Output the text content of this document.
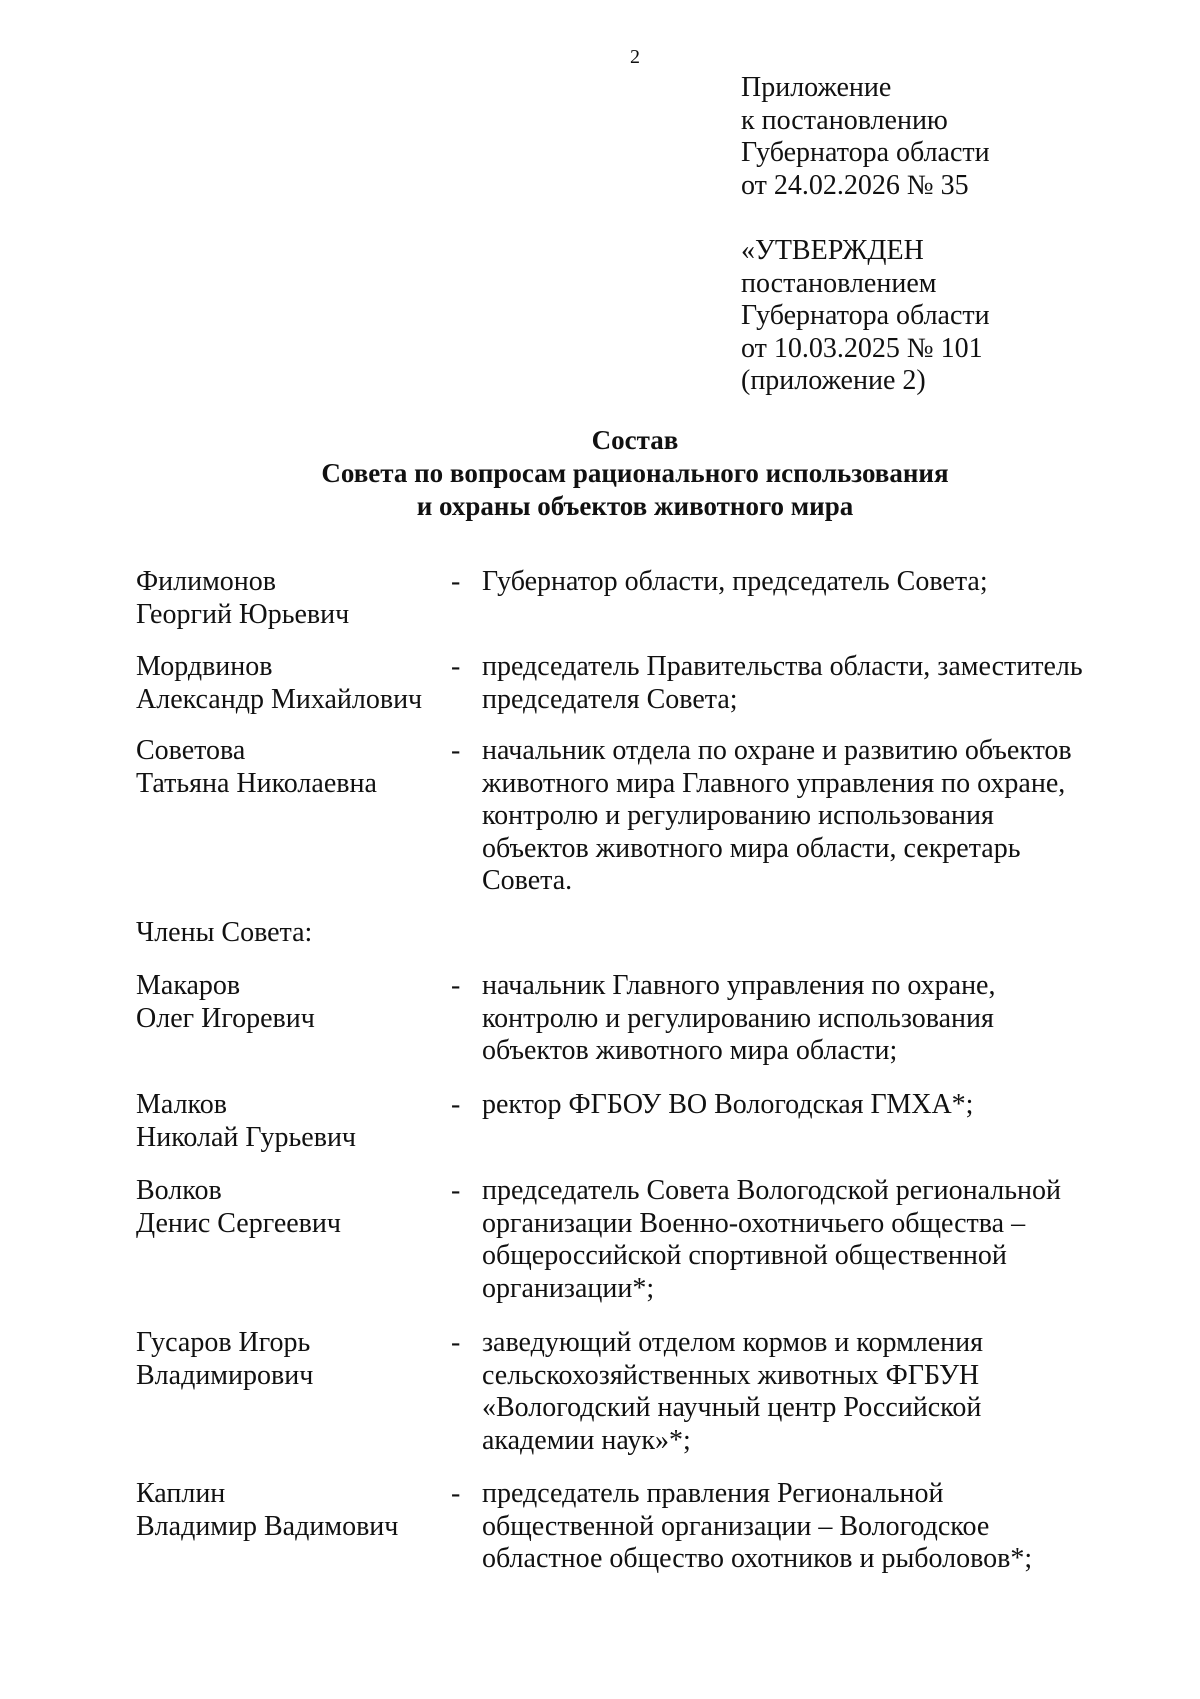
2
Приложение
к постановлению
Губернатора области
от 24.02.2026 № 35
«УТВЕРЖДЕН
постановлением
Губернатора области
от 10.03.2025 № 101
(приложение 2)
Состав
Совета по вопросам рационального использования
и охраны объектов животного мира
Филимонов
Георгий Юрьевич
- Губернатор области, председатель Совета;
Мордвинов
Александр Михайлович
- председатель Правительства области, заместитель
председателя Совета;
Советова
Татьяна Николаевна
- начальник отдела по охране и развитию объектов
животного мира Главного управления по охране,
контролю и регулированию использования
объектов животного мира области, секретарь
Совета.
Члены Совета:
Макаров
Олег Игоревич
- начальник Главного управления по охране,
контролю и регулированию использования
объектов животного мира области;
Малков
Николай Гурьевич
- ректор ФГБОУ ВО Вологодская ГМХА*;
Волков
Денис Сергеевич
- председатель Совета Вологодской региональной
организации Военно-охотничьего общества –
общероссийской спортивной общественной
организации*;
Гусаров Игорь
Владимирович
- заведующий отделом кормов и кормления
сельскохозяйственных животных ФГБУН
«Вологодский научный центр Российской
академии наук»*;
Каплин
Владимир Вадимович
- председатель правления Региональной
общественной организации – Вологодское
областное общество охотников и рыболовов*;
